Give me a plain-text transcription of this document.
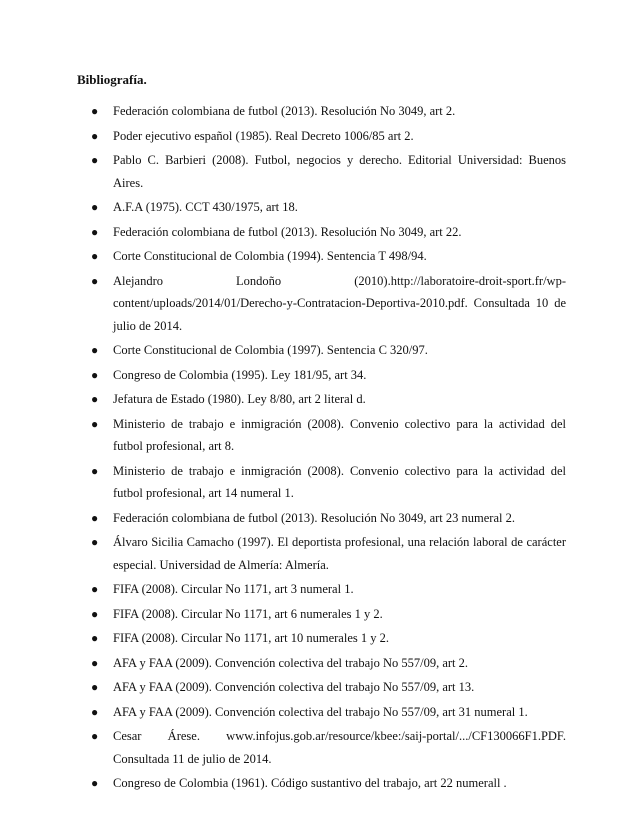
Bibliografía.
● Federación colombiana de futbol (2013). Resolución No 3049, art 2.
● Poder ejecutivo español (1985). Real Decreto 1006/85 art 2.
● Pablo C. Barbieri (2008). Futbol, negocios y derecho. Editorial Universidad: Buenos Aires.
● A.F.A (1975). CCT 430/1975, art 18.
● Federación colombiana de futbol (2013). Resolución No 3049, art 22.
● Corte Constitucional de Colombia (1994). Sentencia T 498/94.
● Alejandro Londoño (2010).http://laboratoire-droit-sport.fr/wp-content/uploads/2014/01/Derecho-y-Contratacion-Deportiva-2010.pdf. Consultada 10 de julio de 2014.
● Corte Constitucional de Colombia (1997). Sentencia C 320/97.
● Congreso de Colombia (1995). Ley 181/95, art 34.
● Jefatura de Estado (1980). Ley 8/80, art 2 literal d.
● Ministerio de trabajo e inmigración (2008). Convenio colectivo para la actividad del futbol profesional, art 8.
● Ministerio de trabajo e inmigración (2008). Convenio colectivo para la actividad del futbol profesional, art 14 numeral 1.
● Federación colombiana de futbol (2013). Resolución No 3049, art 23 numeral 2.
● Álvaro Sicilia Camacho (1997). El deportista profesional, una relación laboral de carácter especial. Universidad de Almería: Almería.
● FIFA (2008). Circular No 1171, art 3 numeral 1.
● FIFA (2008). Circular No 1171, art 6 numerales 1 y 2.
● FIFA (2008). Circular No 1171, art 10 numerales 1 y 2.
● AFA y FAA (2009). Convención colectiva del trabajo No 557/09, art 2.
● AFA y FAA (2009). Convención colectiva del trabajo No 557/09, art 13.
● AFA y FAA (2009). Convención colectiva del trabajo No 557/09, art 31 numeral 1.
● Cesar Árese. www.infojus.gob.ar/resource/kbee:/saij-portal/.../CF130066F1.PDF. Consultada 11 de julio de 2014.
● Congreso de Colombia (1961). Código sustantivo del trabajo, art 22 numerall .
